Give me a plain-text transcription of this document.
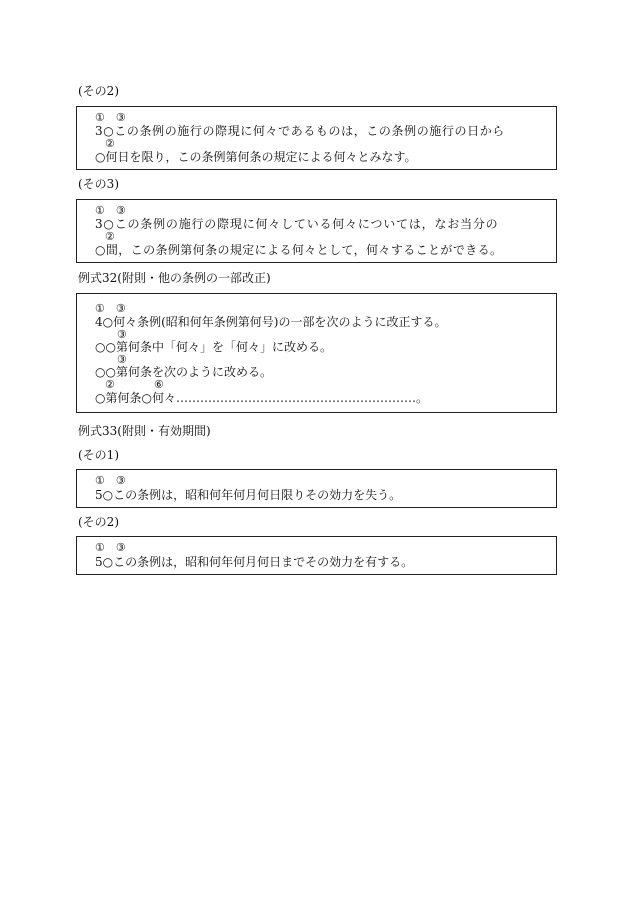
(その2)
①　③
3○この条例の施行の際現に何々であるものは，この条例の施行の日から
②
○何日を限り，この条例第何条の規定による何々とみなす。
(その3)
①　③
3○この条例の施行の際現に何々している何々については，なお当分の
②
○間，この条例第何条の規定による何々として，何々することができる。
例式32(附則・他の条例の一部改正)
①　③
4○何々条例(昭和何年条例第何号)の一部を次のように改正する。
③
○○第何条中「何々」を「何々」に改める。
③
○○第何条を次のように改める。
②	⑥
○第何条○何々……………………………………………………。
例式33(附則・有効期間)
(その1)
①　③
5○この条例は，昭和何年何月何日限りその効力を失う。
(その2)
①　③
5○この条例は，昭和何年何月何日までその効力を有する。
